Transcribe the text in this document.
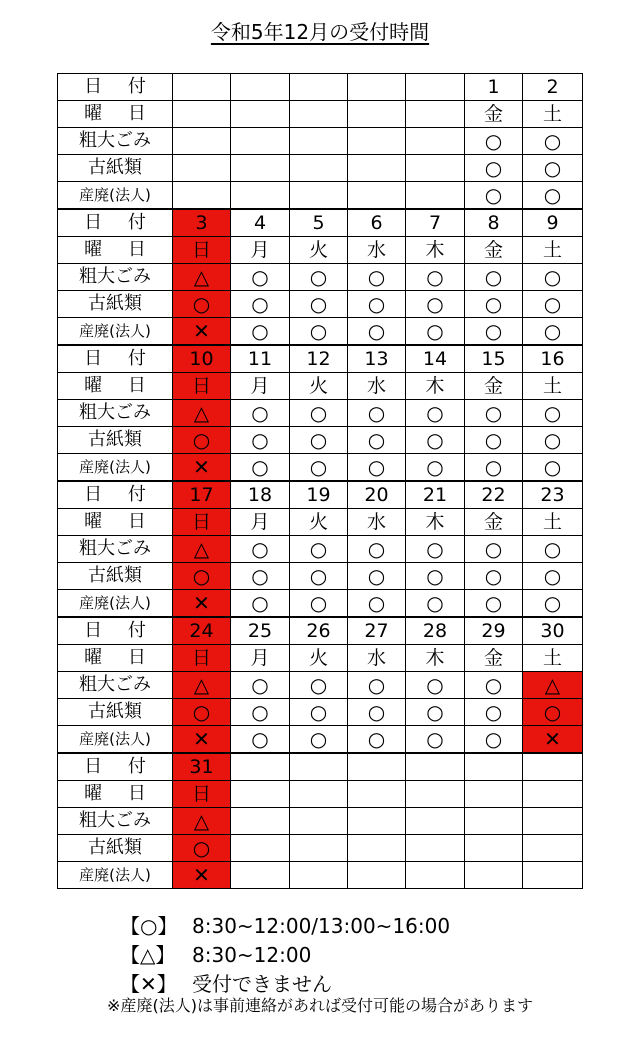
令和5年12月の受付時間
日 付						1	2
曜 日						金	土
粗大ごみ						○	○
古紙類						○	○
産廃(法人)						○	○
日 付	3	4	5	6	7	8	9
曜 日	日	月	火	水	木	金	土
粗大ごみ	△	○	○	○	○	○	○
古紙類	○	○	○	○	○	○	○
産廃(法人)	✕	○	○	○	○	○	○
日 付	10	11	12	13	14	15	16
曜 日	日	月	火	水	木	金	土
粗大ごみ	△	○	○	○	○	○	○
古紙類	○	○	○	○	○	○	○
産廃(法人)	✕	○	○	○	○	○	○
日 付	17	18	19	20	21	22	23
曜 日	日	月	火	水	木	金	土
粗大ごみ	△	○	○	○	○	○	○
古紙類	○	○	○	○	○	○	○
産廃(法人)	✕	○	○	○	○	○	○
日 付	24	25	26	27	28	29	30
曜 日	日	月	火	水	木	金	土
粗大ごみ	△	○	○	○	○	○	△
古紙類	○	○	○	○	○	○	○
産廃(法人)	✕	○	○	○	○	○	✕
日 付	31						
曜 日	日						
粗大ごみ	△						
古紙類	○						
産廃(法人)	✕						
【○】 8:30~12:00/13:00~16:00
【△】 8:30~12:00
【✕】 受付できません
※産廃(法人)は事前連絡があれば受付可能の場合があります
